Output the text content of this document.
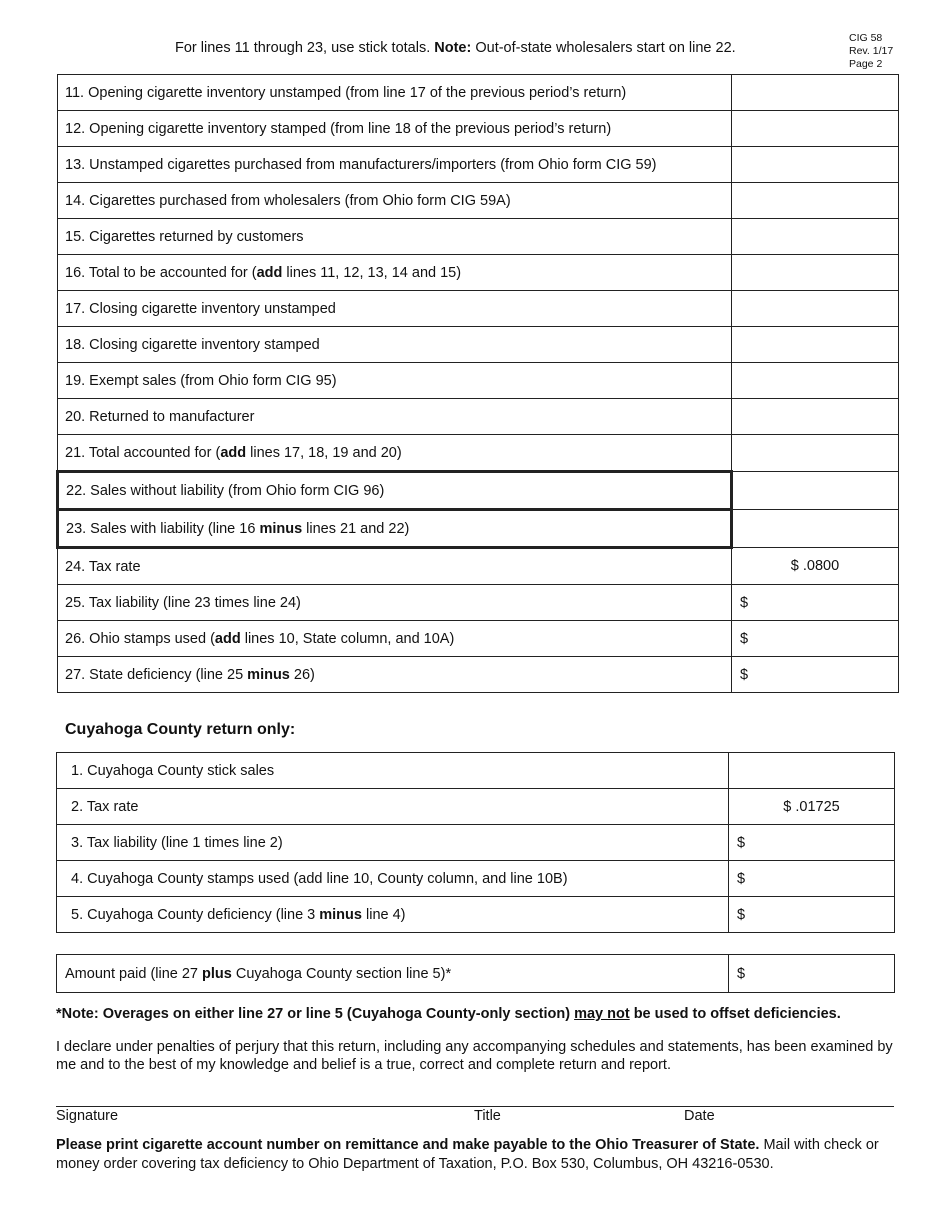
CIG 58
Rev. 1/17
Page 2
For lines 11 through 23, use stick totals. Note: Out-of-state wholesalers start on line 22.
11. Opening cigarette inventory unstamped (from line 17 of the previous period’s return)	
12. Opening cigarette inventory stamped (from line 18 of the previous period’s return)	
13. Unstamped cigarettes purchased from manufacturers/importers (from Ohio form CIG 59)	
14. Cigarettes purchased from wholesalers (from Ohio form CIG 59A)	
15. Cigarettes returned by customers	
16. Total to be accounted for (add lines 11, 12, 13, 14 and 15)	
17. Closing cigarette inventory unstamped	
18. Closing cigarette inventory stamped	
19. Exempt sales (from Ohio form CIG 95)	
20. Returned to manufacturer	
21. Total accounted for (add lines 17, 18, 19 and 20)	
22. Sales without liability (from Ohio form CIG 96)	
23. Sales with liability (line 16 minus lines 21 and 22)	
24. Tax rate	$ .0800
25. Tax liability (line 23 times line 24)	$
26. Ohio stamps used (add lines 10, State column, and 10A)	$
27. State deficiency (line 25 minus 26)	$
Cuyahoga County return only:
1. Cuyahoga County stick sales	
2. Tax rate	$ .01725
3. Tax liability (line 1 times line 2)	$
4. Cuyahoga County stamps used (add line 10, County column, and line 10B)	$
5. Cuyahoga County deficiency (line 3 minus line 4)	$
Amount paid (line 27 plus Cuyahoga County section line 5)*	$
*Note: Overages on either line 27 or line 5 (Cuyahoga County-only section) may not be used to offset deficiencies.
I declare under penalties of perjury that this return, including any accompanying schedules and statements, has been examined by me and to the best of my knowledge and belief is a true, correct and complete return and report.
Signature	Title	Date
Please print cigarette account number on remittance and make payable to the Ohio Treasurer of State. Mail with check or money order covering tax deficiency to Ohio Department of Taxation, P.O. Box 530, Columbus, OH 43216-0530.
